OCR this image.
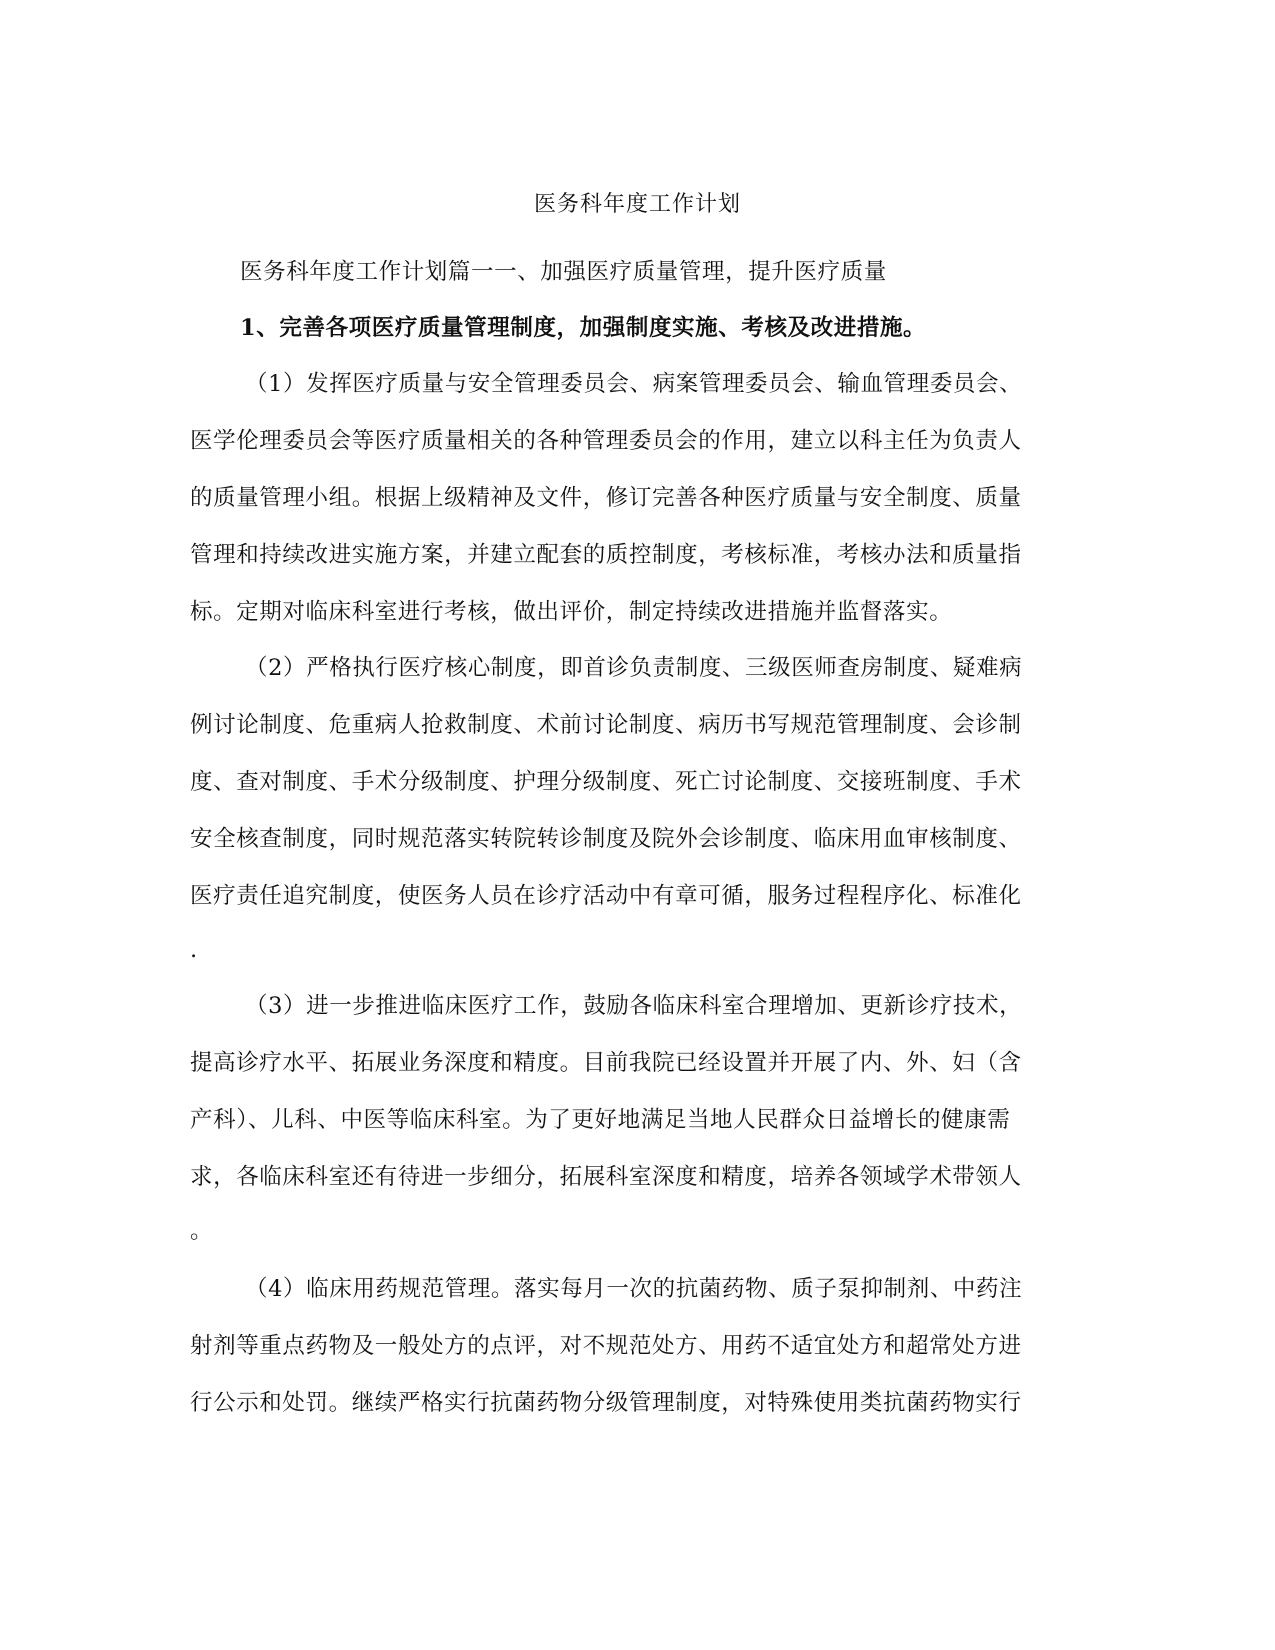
医务科年度工作计划
医务科年度工作计划篇一一、加强医疗质量管理，提升医疗质量
1、完善各项医疗质量管理制度，加强制度实施、考核及改进措施。
（1）发挥医疗质量与安全管理委员会、病案管理委员会、输血管理委员会、
医学伦理委员会等医疗质量相关的各种管理委员会的作用，建立以科主任为负责人
的质量管理小组。根据上级精神及文件，修订完善各种医疗质量与安全制度、质量
管理和持续改进实施方案，并建立配套的质控制度，考核标准，考核办法和质量指
标。定期对临床科室进行考核，做出评价，制定持续改进措施并监督落实。
（2）严格执行医疗核心制度，即首诊负责制度、三级医师查房制度、疑难病
例讨论制度、危重病人抢救制度、术前讨论制度、病历书写规范管理制度、会诊制
度、查对制度、手术分级制度、护理分级制度、死亡讨论制度、交接班制度、手术
安全核查制度，同时规范落实转院转诊制度及院外会诊制度、临床用血审核制度、
医疗责任追究制度，使医务人员在诊疗活动中有章可循，服务过程程序化、标准化
.
（3）进一步推进临床医疗工作，鼓励各临床科室合理增加、更新诊疗技术，
提高诊疗水平、拓展业务深度和精度。目前我院已经设置并开展了内、外、妇（含
产科）、儿科、中医等临床科室。为了更好地满足当地人民群众日益增长的健康需
求，各临床科室还有待进一步细分，拓展科室深度和精度，培养各领域学术带领人
。
（4）临床用药规范管理。落实每月一次的抗菌药物、质子泵抑制剂、中药注
射剂等重点药物及一般处方的点评，对不规范处方、用药不适宜处方和超常处方进
行公示和处罚。继续严格实行抗菌药物分级管理制度，对特殊使用类抗菌药物实行
